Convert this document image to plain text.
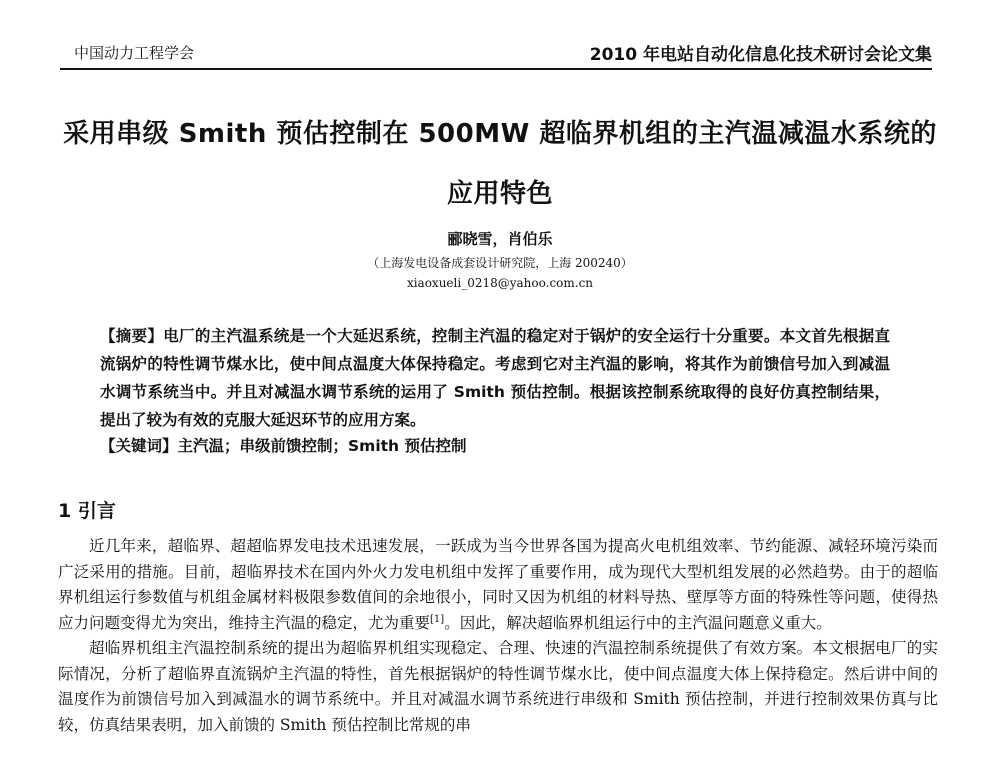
中国动力工程学会	2010 年电站自动化信息化技术研讨会论文集
采用串级 Smith 预估控制在 500MW 超临界机组的主汽温减温水系统的
应用特色
郦晓雪，肖伯乐
（上海发电设备成套设计研究院，上海 200240）
xiaoxueli_0218@yahoo.com.cn
【摘要】电厂的主汽温系统是一个大延迟系统，控制主汽温的稳定对于锅炉的安全运行十分重要。本文首先根据直流锅炉的特性调节煤水比，使中间点温度大体保持稳定。考虑到它对主汽温的影响，将其作为前馈信号加入到减温水调节系统当中。并且对减温水调节系统的运用了 Smith 预估控制。根据该控制系统取得的良好仿真控制结果，提出了较为有效的克服大延迟环节的应用方案。
【关键词】主汽温；串级前馈控制；Smith 预估控制
1 引言

近几年来，超临界、超超临界发电技术迅速发展，一跃成为当今世界各国为提高火电机组效率、节约能源、减轻环境污染而广泛采用的措施。目前，超临界技术在国内外火力发电机组中发挥了重要作用，成为现代大型机组发展的必然趋势。由于的超临界机组运行参数值与机组金属材料极限参数值间的余地很小，同时又因为机组的材料导热、壁厚等方面的特殊性等问题，使得热应力问题变得尤为突出，维持主汽温的稳定，尤为重要[1]。因此，解决超临界机组运行中的主汽温问题意义重大。

超临界机组主汽温控制系统的提出为超临界机组实现稳定、合理、快速的汽温控制系统提供了有效方案。本文根据电厂的实际情况，分析了超临界直流锅炉主汽温的特性，首先根据锅炉的特性调节煤水比，使中间点温度大体上保持稳定。然后讲中间的温度作为前馈信号加入到减温水的调节系统中。并且对减温水调节系统进行串级和 Smith 预估控制，并进行控制效果仿真与比较，仿真结果表明，加入前馈的 Smith 预估控制比常规的串
